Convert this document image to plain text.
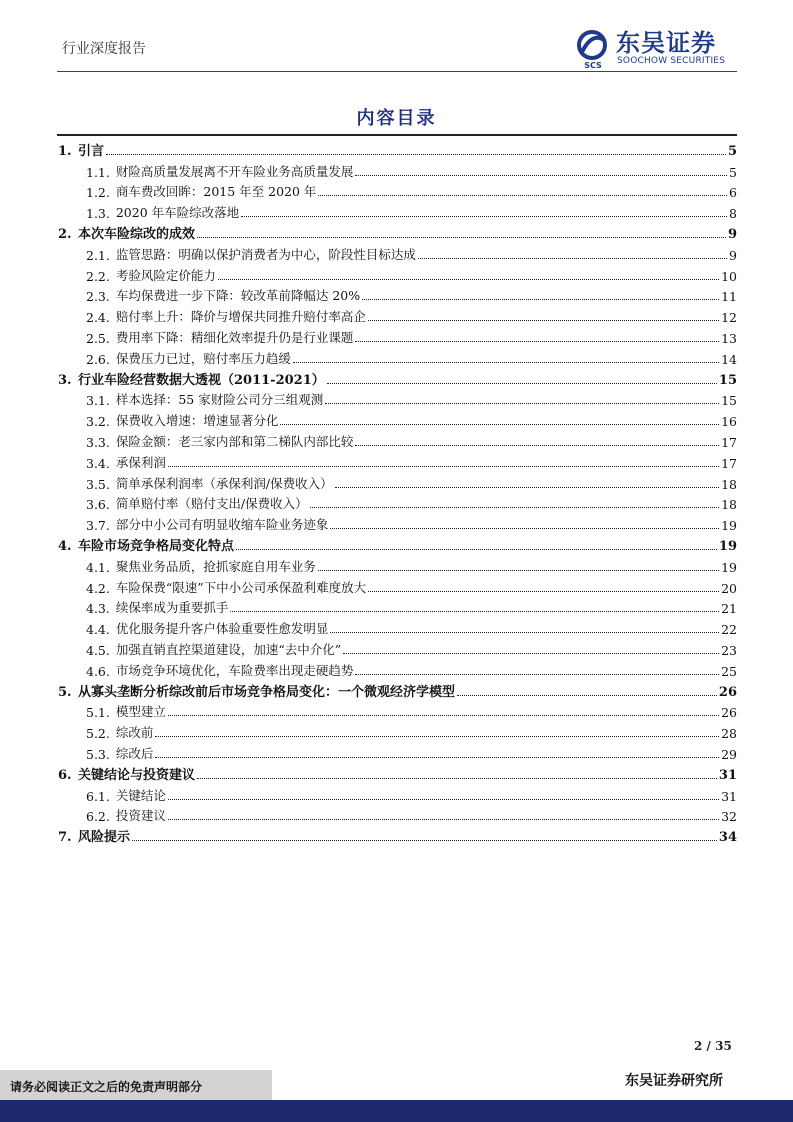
行业深度报告
SCS
东吴证券
SOOCHOW SECURITIES
内容目录
1. 引言	5
1.1. 财险高质量发展离不开车险业务高质量发展	5
1.2. 商车费改回眸：2015 年至 2020 年	6
1.3. 2020 年车险综改落地	8
2. 本次车险综改的成效	9
2.1. 监管思路：明确以保护消费者为中心，阶段性目标达成	9
2.2. 考验风险定价能力	10
2.3. 车均保费进一步下降：较改革前降幅达 20%	11
2.4. 赔付率上升：降价与增保共同推升赔付率高企	12
2.5. 费用率下降：精细化效率提升仍是行业课题	13
2.6. 保费压力已过，赔付率压力趋缓	14
3. 行业车险经营数据大透视（2011-2021）	15
3.1. 样本选择：55 家财险公司分三组观测	15
3.2. 保费收入增速：增速显著分化	16
3.3. 保险金额：老三家内部和第二梯队内部比较	17
3.4. 承保利润	17
3.5. 简单承保利润率（承保利润/保费收入）	18
3.6. 简单赔付率（赔付支出/保费收入）	18
3.7. 部分中小公司有明显收缩车险业务迹象	19
4. 车险市场竞争格局变化特点	19
4.1. 聚焦业务品质，抢抓家庭自用车业务	19
4.2. 车险保费“限速”下中小公司承保盈利难度放大	20
4.3. 续保率成为重要抓手	21
4.4. 优化服务提升客户体验重要性愈发明显	22
4.5. 加强直销直控渠道建设，加速“去中介化”	23
4.6. 市场竞争环境优化，车险费率出现走硬趋势	25
5. 从寡头垄断分析综改前后市场竞争格局变化：一个微观经济学模型	26
5.1. 模型建立	26
5.2. 综改前	28
5.3. 综改后	29
6. 关键结论与投资建议	31
6.1. 关键结论	31
6.2. 投资建议	32
7. 风险提示	34
2 / 35
请务必阅读正文之后的免责声明部分	东吴证券研究所
